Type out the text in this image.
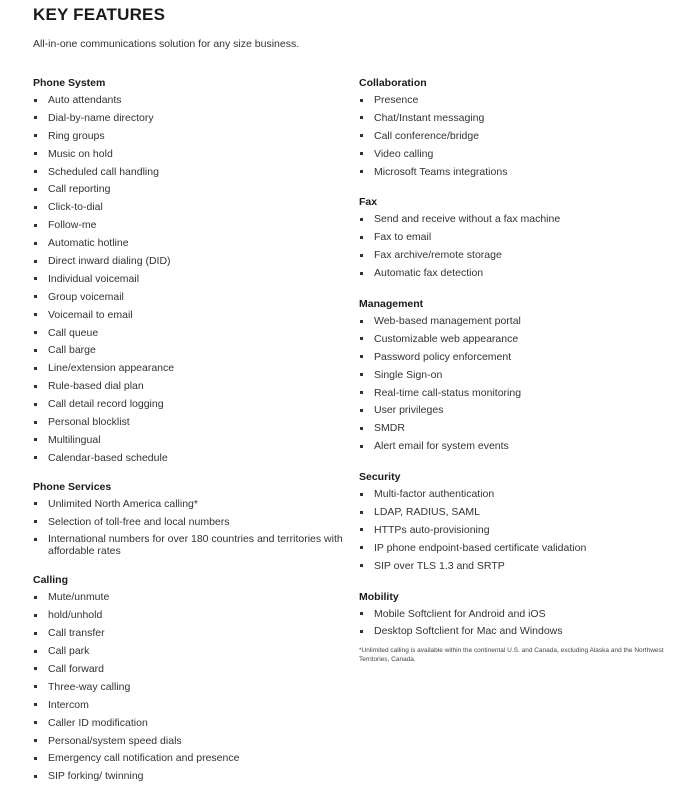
KEY FEATURES

All-in-one communications solution for any size business.

Phone System
Auto attendants
Dial-by-name directory
Ring groups
Music on hold
Scheduled call handling
Call reporting
Click-to-dial
Follow-me
Automatic hotline
Direct inward dialing (DID)
Individual voicemail
Group voicemail
Voicemail to email
Call queue
Call barge
Line/extension appearance
Rule-based dial plan
Call detail record logging
Personal blocklist
Multilingual
Calendar-based schedule
Phone Services
Unlimited North America calling*
Selection of toll-free and local numbers
International numbers for over 180 countries and territories with affordable rates
Calling
Mute/unmute
hold/unhold
Call transfer
Call park
Call forward
Three-way calling
Intercom
Caller ID modification
Personal/system speed dials
Emergency call notification and presence
SIP forking/ twinning
Collaboration
Presence
Chat/Instant messaging
Call conference/bridge
Video calling
Microsoft Teams integrations
Fax
Send and receive without a fax machine
Fax to email
Fax archive/remote storage
Automatic fax detection
Management
Web-based management portal
Customizable web appearance
Password policy enforcement
Single Sign-on
Real-time call-status monitoring
User privileges
SMDR
Alert email for system events
Security
Multi-factor authentication
LDAP, RADIUS, SAML
HTTPs auto-provisioning
IP phone endpoint-based certificate validation
SIP over TLS 1.3 and SRTP
Mobility
Mobile Softclient for Android and iOS
Desktop Softclient for Mac and Windows
*Unlimited calling is available within the continental U.S. and Canada, excluding Alaska and the Northwest Territories, Canada.
